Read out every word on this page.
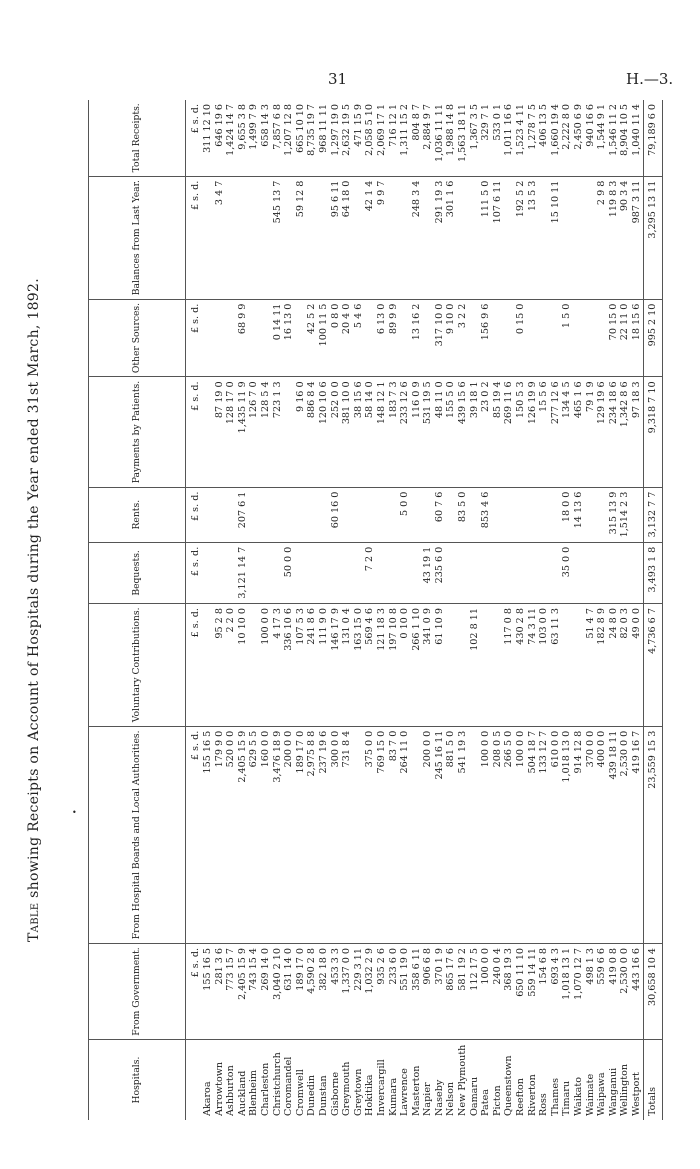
31	H.—3.
•
Table showing Receipts on Account of Hospitals during the Year ended 31st March, 1892.
Hospitals.	From Government.	From Hospital Boards and Local Authorities.	Voluntary Contributions.	Bequests.	Rents.	Payments by Patients.	Other Sources.	Balances from Last Year.	Total Receipts.
	£ s. d.	£ s. d.	£ s. d.	£ s. d.	£ s. d.	£ s. d.	£ s. d.	£ s. d.	£ s. d.
Akaroa	155 16 5	155 16 5							311 12 10
Arrowtown	281 3 6	179 9 0	95 2 8			87 19 0		3 4 7	646 19 6
Ashburton	773 15 7	520 0 0	2 2 0			128 17 0			1,424 14 7
Auckland	2,405 15 9	2,405 15 9	10 10 0	3,121 14 7	207 6 1	1,435 11 9	68 9 9		9,655 3 8
Blenheim	743 15 4	629 5 5				126 7 0			1,499 7 9
Charleston	269 14 0	160 0 0	100 0 0			128 5 4			658 14 3
Christchurch	3,040 2 10	3,476 18 9	4 17 3			723 1 3	0 14 11	545 13 7	7,857 6 8
Coromandel	631 14 0	200 0 0	336 10 6	50 0 0			16 13 0		1,207 12 8
Cromwell	189 17 0	189 17 0	107 5 3			9 16 0		59 12 8	665 10 10
Dunedin	4,590 2 8	2,975 8 8	241 8 6			886 8 4	42 5 2		8,735 19 7
Dunstan	382 18 0	237 19 6	111 9 0			120 10 6	100 11 5		968 11 11
Gisborne	453 3 3	300 0 0	146 17 9		60 16 0	252 0 0	0 8 0	95 6 11	1,297 19 0
Greymouth	1,337 0 0	731 8 4	131 0 4			381 10 0	20 4 0	64 18 0	2,632 19 5
Greytown	229 3 11		163 15 0			38 15 6	5 4 6		471 15 9
Hokitika	1,032 2 9	375 0 0	569 4 6	7 2 0		58 14 0		42 1 4	2,058 5 10
Invercargill	935 2 6	769 15 0	121 18 3			148 12 1	6 13 0	9 9 7	2,069 17 1
Kumara	233 6 0	83 7 0	197 10 8			183 7 3	89 9 9		716 12 1
Lawrence	551 19 0	264 11 0	0 10 0		5 0 0	233 12 6			1,311 15 2
Masterton	358 6 11		266 1 10			116 0 9	13 16 2	248 3 4	804 8 7
Napier	906 6 8	200 0 0	341 0 9	43 19 1		531 19 5			2,884 9 7
Naseby	370 1 9	245 16 11	61 10 9	235 6 0	60 7 6	48 11 0	317 10 0	291 19 3	1,036 11 11
Nelson	865 17 6	881 5 0				155 5 0	9 10 0	301 1 6	1,988 14 8
New Plymouth	581 19 2	541 19 3			83 5 0	439 15 6	3 2 2		1,563 18 11
Oamaru	112 17 5		102 8 11			39 18 1			1,367 3 5
Patea	100 0 0	100 0 0			853 4 6	23 0 2	156 9 6	111 5 0	329 7 1
Picton	240 0 4	208 0 5				85 19 4		107 6 11	533 0 1
Queenstown	368 19 3	266 5 0	117 0 8			269 11 6			1,011 16 6
Reefton	650 11 10	100 0 0	430 2 8			150 5 3	0 15 0	192 5 2	1,523 4 11
Riverton	559 14 11	504 18 7	74 3 11			126 19 9		13 5 3	1,278 7 5
Ross	154 6 8	133 12 7	103 0 0			15 5 6			406 13 5
Thames	693 4 3	610 0 0	63 11 3			277 12 6		15 10 11	1,660 19 4
Timaru	1,018 13 1	1,018 13 0		35 0 0	18 0 0	134 4 5	1 5 0		2,222 8 0
Waikato	1,070 12 7	914 12 8			14 13 6	465 1 6			2,450 6 9
Waimate	498 1 3	370 0 0	51 4 7			79 1 9			940 16 6
Waipawa	559 6 6	400 0 0	182 8 9			129 19 6		2 9 8	1,544 9 1
Wanganui	419 0 8	439 18 11	24 8 0		315 13 9	234 18 6	70 15 0	119 8 3	1,546 11 2
Wellington	2,530 0 0	2,530 0 0	82 0 3		1,514 2 3	1,342 8 6	22 11 0	90 3 4	8,904 10 5
Westport	443 16 6	419 16 7	49 0 0			97 18 3	18 15 6	987 3 11	1,040 11 4
Totals	30,658 10 4	23,559 15 3	4,736 6 7	3,493 1 8	3,132 7 7	9,318 7 10	995 2 10	3,295 13 11	79,189 6 0
